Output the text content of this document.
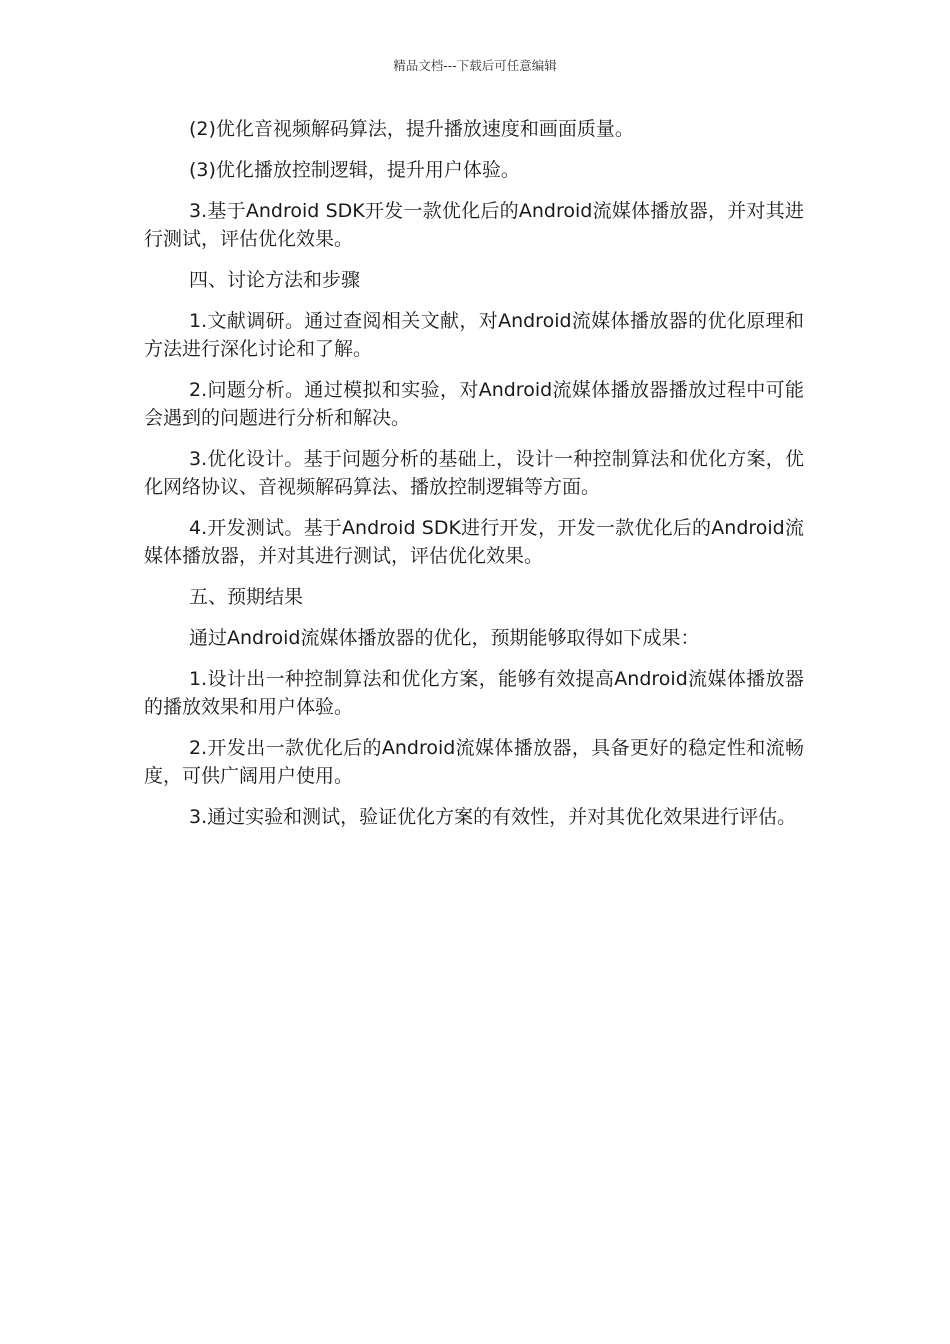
精品文档---下载后可任意编辑

(2)优化音视频解码算法，提升播放速度和画面质量。

(3)优化播放控制逻辑，提升用户体验。

3.基于Android SDK开发一款优化后的Android流媒体播放器，并对其进行测试，评估优化效果。

四、讨论方法和步骤

1.文献调研。通过查阅相关文献，对Android流媒体播放器的优化原理和方法进行深化讨论和了解。

2.问题分析。通过模拟和实验，对Android流媒体播放器播放过程中可能会遇到的问题进行分析和解决。

3.优化设计。基于问题分析的基础上，设计一种控制算法和优化方案，优化网络协议、音视频解码算法、播放控制逻辑等方面。

4.开发测试。基于Android SDK进行开发，开发一款优化后的Android流媒体播放器，并对其进行测试，评估优化效果。

五、预期结果

通过Android流媒体播放器的优化，预期能够取得如下成果：

1.设计出一种控制算法和优化方案，能够有效提高Android流媒体播放器的播放效果和用户体验。

2.开发出一款优化后的Android流媒体播放器，具备更好的稳定性和流畅度，可供广阔用户使用。

3.通过实验和测试，验证优化方案的有效性，并对其优化效果进行评估。
